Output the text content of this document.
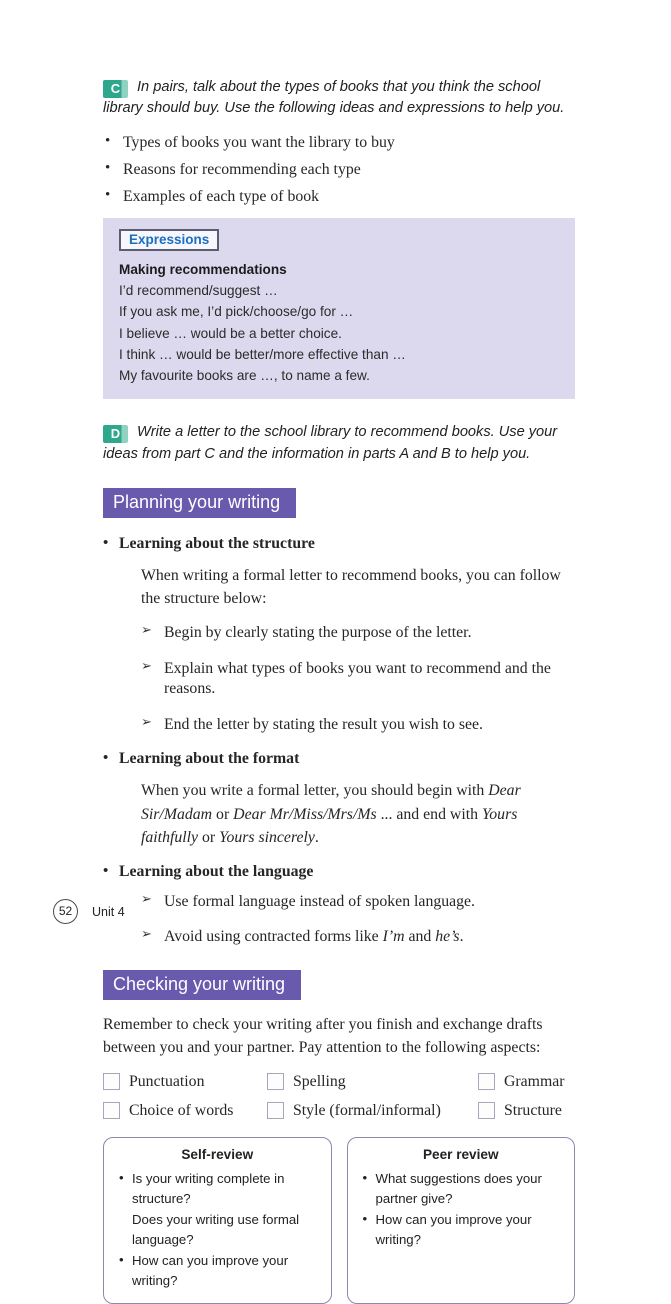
C In pairs, talk about the types of books that you think the school library should buy. Use the following ideas and expressions to help you.

• Types of books you want the library to buy
• Reasons for recommending each type
• Examples of each type of book
Expressions
Making recommendations
I’d recommend/suggest …
If you ask me, I’d pick/choose/go for …
I believe … would be a better choice.
I think … would be better/more effective than …
My favourite books are …, to name a few.

D Write a letter to the school library to recommend books. Use your ideas from part C and the information in parts A and B to help you.

Planning your writing
• Learning about the structure

When writing a formal letter to recommend books, you can follow the structure below:

➢ Begin by clearly stating the purpose of the letter.
➢ Explain what types of books you want to recommend and the reasons.
➢ End the letter by stating the result you wish to see.
• Learning about the format

When you write a formal letter, you should begin with Dear Sir/Madam or Dear Mr/Miss/Mrs/Ms ... and end with Yours faithfully or Yours sincerely.

• Learning about the language
➢ Use formal language instead of spoken language.
➢ Avoid using contracted forms like I’m and he’s.
Checking your writing

Remember to check your writing after you finish and exchange drafts between you and your partner. Pay attention to the following aspects:

Punctuation	Spelling	Grammar
Choice of words	Style (formal/informal)	Structure
Self-review
• Is your writing complete in structure?
Does your writing use formal language?
• How can you improve your writing?
Peer review
• What suggestions does your partner give?
• How can you improve your writing?
52	Unit 4
